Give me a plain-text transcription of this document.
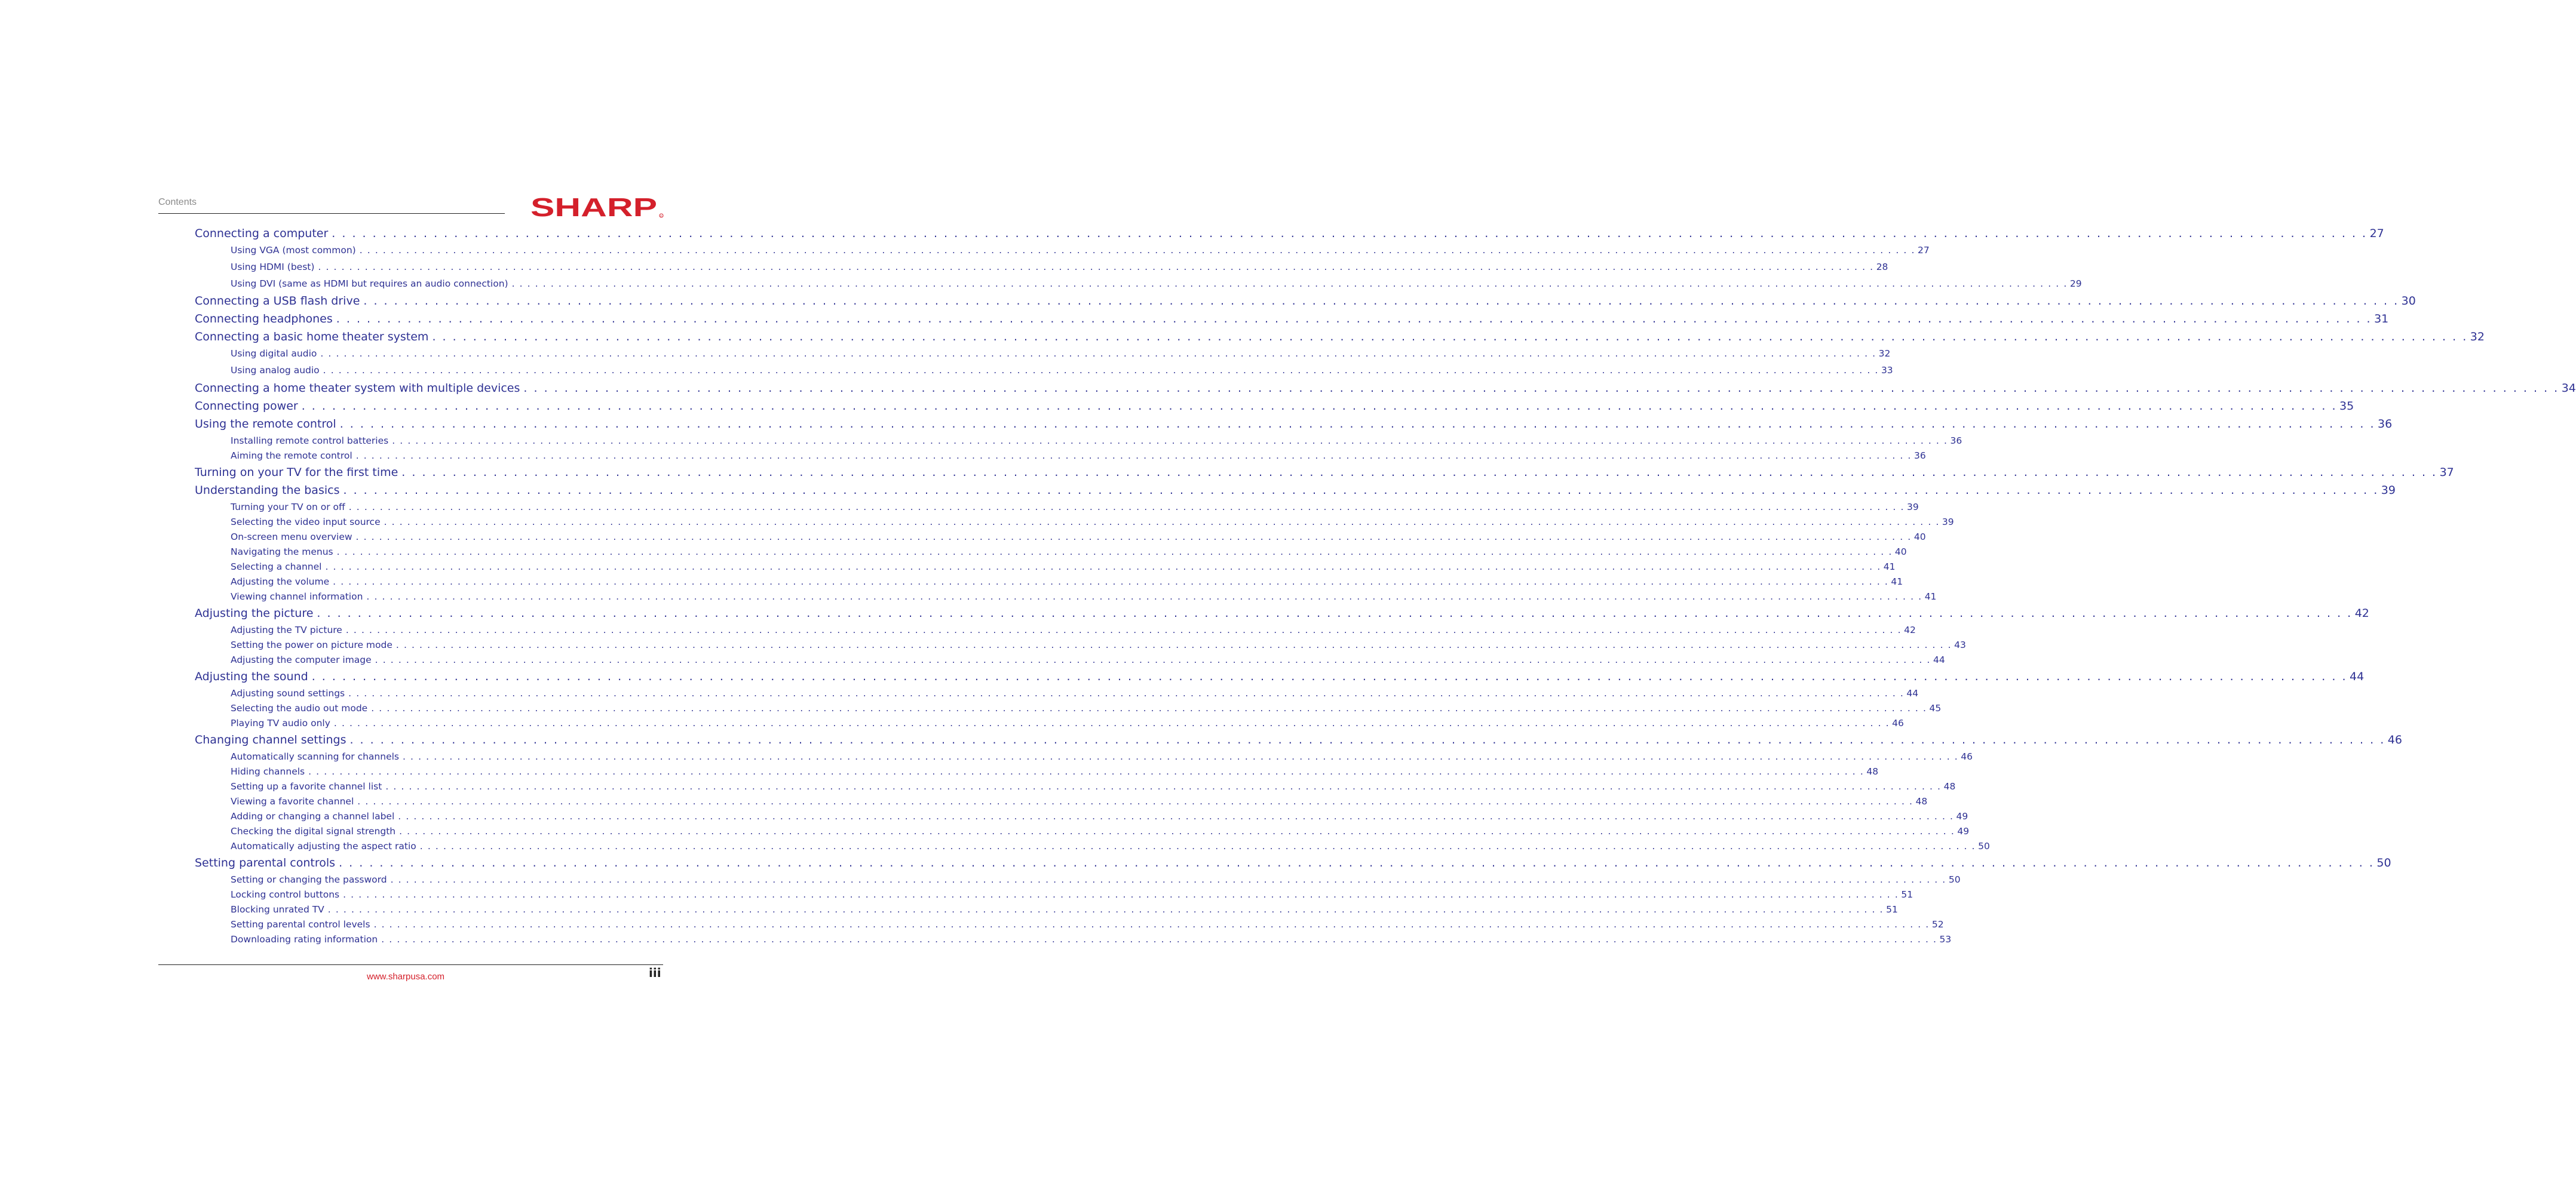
Contents	SHARP R
Connecting a computer . . . . . . . . . . . . . . . . . . . . . . . . . . . . . . . . . . . . . . . . . . . . . . . . . . . . . . . . . . . . . . . . . . . . . . . . . . . . . . . . . . . . . . . . . . . . . . . . . . . . . . . . . . . . . . . . . . . . . . . . . . . . . . . . . . . . . . . . . . . . . . . . . . . . . . . . . . . . . . . . . . . . . . . . . . . . . . . . . . . . . . . . . . . . . . . . . . . . . . . . 27
Using VGA (most common) . . . . . . . . . . . . . . . . . . . . . . . . . . . . . . . . . . . . . . . . . . . . . . . . . . . . . . . . . . . . . . . . . . . . . . . . . . . . . . . . . . . . . . . . . . . . . . . . . . . . . . . . . . . . . . . . . . . . . . . . . . . . . . . . . . . . . . . . . . . . . . . . . . . . . . . . . . . . . . . . . . . . . . . . . . . . . . . . . . . . . . . . . . . . . . . . . . . . . . . . 27
Using HDMI (best) . . . . . . . . . . . . . . . . . . . . . . . . . . . . . . . . . . . . . . . . . . . . . . . . . . . . . . . . . . . . . . . . . . . . . . . . . . . . . . . . . . . . . . . . . . . . . . . . . . . . . . . . . . . . . . . . . . . . . . . . . . . . . . . . . . . . . . . . . . . . . . . . . . . . . . . . . . . . . . . . . . . . . . . . . . . . . . . . . . . . . . . . . . . . . . . . . . . . . . . . 28
Using DVI (same as HDMI but requires an audio connection) . . . . . . . . . . . . . . . . . . . . . . . . . . . . . . . . . . . . . . . . . . . . . . . . . . . . . . . . . . . . . . . . . . . . . . . . . . . . . . . . . . . . . . . . . . . . . . . . . . . . . . . . . . . . . . . . . . . . . . . . . . . . . . . . . . . . . . . . . . . . . . . . . . . . . . . . . . . . . . . . . . . . . . . . . . . . . . . . . . . . . . . . . . . . . . . . . . . . . . . . 29
Connecting a USB flash drive . . . . . . . . . . . . . . . . . . . . . . . . . . . . . . . . . . . . . . . . . . . . . . . . . . . . . . . . . . . . . . . . . . . . . . . . . . . . . . . . . . . . . . . . . . . . . . . . . . . . . . . . . . . . . . . . . . . . . . . . . . . . . . . . . . . . . . . . . . . . . . . . . . . . . . . . . . . . . . . . . . . . . . . . . . . . . . . . . . . . . . . . . . . . . . . . . . . . . . . . 30
Connecting headphones . . . . . . . . . . . . . . . . . . . . . . . . . . . . . . . . . . . . . . . . . . . . . . . . . . . . . . . . . . . . . . . . . . . . . . . . . . . . . . . . . . . . . . . . . . . . . . . . . . . . . . . . . . . . . . . . . . . . . . . . . . . . . . . . . . . . . . . . . . . . . . . . . . . . . . . . . . . . . . . . . . . . . . . . . . . . . . . . . . . . . . . . . . . . . . . . . . . . . . . . 31
Connecting a basic home theater system . . . . . . . . . . . . . . . . . . . . . . . . . . . . . . . . . . . . . . . . . . . . . . . . . . . . . . . . . . . . . . . . . . . . . . . . . . . . . . . . . . . . . . . . . . . . . . . . . . . . . . . . . . . . . . . . . . . . . . . . . . . . . . . . . . . . . . . . . . . . . . . . . . . . . . . . . . . . . . . . . . . . . . . . . . . . . . . . . . . . . . . . . . . . . . . . . . . . . . . . 32
Using digital audio . . . . . . . . . . . . . . . . . . . . . . . . . . . . . . . . . . . . . . . . . . . . . . . . . . . . . . . . . . . . . . . . . . . . . . . . . . . . . . . . . . . . . . . . . . . . . . . . . . . . . . . . . . . . . . . . . . . . . . . . . . . . . . . . . . . . . . . . . . . . . . . . . . . . . . . . . . . . . . . . . . . . . . . . . . . . . . . . . . . . . . . . . . . . . . . . . . . . . . . . 32
Using analog audio . . . . . . . . . . . . . . . . . . . . . . . . . . . . . . . . . . . . . . . . . . . . . . . . . . . . . . . . . . . . . . . . . . . . . . . . . . . . . . . . . . . . . . . . . . . . . . . . . . . . . . . . . . . . . . . . . . . . . . . . . . . . . . . . . . . . . . . . . . . . . . . . . . . . . . . . . . . . . . . . . . . . . . . . . . . . . . . . . . . . . . . . . . . . . . . . . . . . . . . . 33
Connecting a home theater system with multiple devices . . . . . . . . . . . . . . . . . . . . . . . . . . . . . . . . . . . . . . . . . . . . . . . . . . . . . . . . . . . . . . . . . . . . . . . . . . . . . . . . . . . . . . . . . . . . . . . . . . . . . . . . . . . . . . . . . . . . . . . . . . . . . . . . . . . . . . . . . . . . . . . . . . . . . . . . . . . . . . . . . . . . . . . . . . . . . . . . . . . . . . . . . . . . . . . . . . . . . . . . 34
Connecting power . . . . . . . . . . . . . . . . . . . . . . . . . . . . . . . . . . . . . . . . . . . . . . . . . . . . . . . . . . . . . . . . . . . . . . . . . . . . . . . . . . . . . . . . . . . . . . . . . . . . . . . . . . . . . . . . . . . . . . . . . . . . . . . . . . . . . . . . . . . . . . . . . . . . . . . . . . . . . . . . . . . . . . . . . . . . . . . . . . . . . . . . . . . . . . . . . . . . . . . . 35
Using the remote control . . . . . . . . . . . . . . . . . . . . . . . . . . . . . . . . . . . . . . . . . . . . . . . . . . . . . . . . . . . . . . . . . . . . . . . . . . . . . . . . . . . . . . . . . . . . . . . . . . . . . . . . . . . . . . . . . . . . . . . . . . . . . . . . . . . . . . . . . . . . . . . . . . . . . . . . . . . . . . . . . . . . . . . . . . . . . . . . . . . . . . . . . . . . . . . . . . . . . . . . 36
Installing remote control batteries . . . . . . . . . . . . . . . . . . . . . . . . . . . . . . . . . . . . . . . . . . . . . . . . . . . . . . . . . . . . . . . . . . . . . . . . . . . . . . . . . . . . . . . . . . . . . . . . . . . . . . . . . . . . . . . . . . . . . . . . . . . . . . . . . . . . . . . . . . . . . . . . . . . . . . . . . . . . . . . . . . . . . . . . . . . . . . . . . . . . . . . . . . . . . . . . . . . . . . . . 36
Aiming the remote control . . . . . . . . . . . . . . . . . . . . . . . . . . . . . . . . . . . . . . . . . . . . . . . . . . . . . . . . . . . . . . . . . . . . . . . . . . . . . . . . . . . . . . . . . . . . . . . . . . . . . . . . . . . . . . . . . . . . . . . . . . . . . . . . . . . . . . . . . . . . . . . . . . . . . . . . . . . . . . . . . . . . . . . . . . . . . . . . . . . . . . . . . . . . . . . . . . . . . . . . 36
Turning on your TV for the first time . . . . . . . . . . . . . . . . . . . . . . . . . . . . . . . . . . . . . . . . . . . . . . . . . . . . . . . . . . . . . . . . . . . . . . . . . . . . . . . . . . . . . . . . . . . . . . . . . . . . . . . . . . . . . . . . . . . . . . . . . . . . . . . . . . . . . . . . . . . . . . . . . . . . . . . . . . . . . . . . . . . . . . . . . . . . . . . . . . . . . . . . . . . . . . . . . . . . . . . . 37
Understanding the basics . . . . . . . . . . . . . . . . . . . . . . . . . . . . . . . . . . . . . . . . . . . . . . . . . . . . . . . . . . . . . . . . . . . . . . . . . . . . . . . . . . . . . . . . . . . . . . . . . . . . . . . . . . . . . . . . . . . . . . . . . . . . . . . . . . . . . . . . . . . . . . . . . . . . . . . . . . . . . . . . . . . . . . . . . . . . . . . . . . . . . . . . . . . . . . . . . . . . . . . . 39
Turning your TV on or off . . . . . . . . . . . . . . . . . . . . . . . . . . . . . . . . . . . . . . . . . . . . . . . . . . . . . . . . . . . . . . . . . . . . . . . . . . . . . . . . . . . . . . . . . . . . . . . . . . . . . . . . . . . . . . . . . . . . . . . . . . . . . . . . . . . . . . . . . . . . . . . . . . . . . . . . . . . . . . . . . . . . . . . . . . . . . . . . . . . . . . . . . . . . . . . . . . . . . . . . 39
Selecting the video input source . . . . . . . . . . . . . . . . . . . . . . . . . . . . . . . . . . . . . . . . . . . . . . . . . . . . . . . . . . . . . . . . . . . . . . . . . . . . . . . . . . . . . . . . . . . . . . . . . . . . . . . . . . . . . . . . . . . . . . . . . . . . . . . . . . . . . . . . . . . . . . . . . . . . . . . . . . . . . . . . . . . . . . . . . . . . . . . . . . . . . . . . . . . . . . . . . . . . . . . . 39
On-screen menu overview . . . . . . . . . . . . . . . . . . . . . . . . . . . . . . . . . . . . . . . . . . . . . . . . . . . . . . . . . . . . . . . . . . . . . . . . . . . . . . . . . . . . . . . . . . . . . . . . . . . . . . . . . . . . . . . . . . . . . . . . . . . . . . . . . . . . . . . . . . . . . . . . . . . . . . . . . . . . . . . . . . . . . . . . . . . . . . . . . . . . . . . . . . . . . . . . . . . . . . . . 40
Navigating the menus . . . . . . . . . . . . . . . . . . . . . . . . . . . . . . . . . . . . . . . . . . . . . . . . . . . . . . . . . . . . . . . . . . . . . . . . . . . . . . . . . . . . . . . . . . . . . . . . . . . . . . . . . . . . . . . . . . . . . . . . . . . . . . . . . . . . . . . . . . . . . . . . . . . . . . . . . . . . . . . . . . . . . . . . . . . . . . . . . . . . . . . . . . . . . . . . . . . . . . . . 40
Selecting a channel . . . . . . . . . . . . . . . . . . . . . . . . . . . . . . . . . . . . . . . . . . . . . . . . . . . . . . . . . . . . . . . . . . . . . . . . . . . . . . . . . . . . . . . . . . . . . . . . . . . . . . . . . . . . . . . . . . . . . . . . . . . . . . . . . . . . . . . . . . . . . . . . . . . . . . . . . . . . . . . . . . . . . . . . . . . . . . . . . . . . . . . . . . . . . . . . . . . . . . . . 41
Adjusting the volume . . . . . . . . . . . . . . . . . . . . . . . . . . . . . . . . . . . . . . . . . . . . . . . . . . . . . . . . . . . . . . . . . . . . . . . . . . . . . . . . . . . . . . . . . . . . . . . . . . . . . . . . . . . . . . . . . . . . . . . . . . . . . . . . . . . . . . . . . . . . . . . . . . . . . . . . . . . . . . . . . . . . . . . . . . . . . . . . . . . . . . . . . . . . . . . . . . . . . . . . 41
Viewing channel information . . . . . . . . . . . . . . . . . . . . . . . . . . . . . . . . . . . . . . . . . . . . . . . . . . . . . . . . . . . . . . . . . . . . . . . . . . . . . . . . . . . . . . . . . . . . . . . . . . . . . . . . . . . . . . . . . . . . . . . . . . . . . . . . . . . . . . . . . . . . . . . . . . . . . . . . . . . . . . . . . . . . . . . . . . . . . . . . . . . . . . . . . . . . . . . . . . . . . . . . 41
Adjusting the picture . . . . . . . . . . . . . . . . . . . . . . . . . . . . . . . . . . . . . . . . . . . . . . . . . . . . . . . . . . . . . . . . . . . . . . . . . . . . . . . . . . . . . . . . . . . . . . . . . . . . . . . . . . . . . . . . . . . . . . . . . . . . . . . . . . . . . . . . . . . . . . . . . . . . . . . . . . . . . . . . . . . . . . . . . . . . . . . . . . . . . . . . . . . . . . . . . . . . . . . . 42
Adjusting the TV picture . . . . . . . . . . . . . . . . . . . . . . . . . . . . . . . . . . . . . . . . . . . . . . . . . . . . . . . . . . . . . . . . . . . . . . . . . . . . . . . . . . . . . . . . . . . . . . . . . . . . . . . . . . . . . . . . . . . . . . . . . . . . . . . . . . . . . . . . . . . . . . . . . . . . . . . . . . . . . . . . . . . . . . . . . . . . . . . . . . . . . . . . . . . . . . . . . . . . . . . . 42
Setting the power on picture mode . . . . . . . . . . . . . . . . . . . . . . . . . . . . . . . . . . . . . . . . . . . . . . . . . . . . . . . . . . . . . . . . . . . . . . . . . . . . . . . . . . . . . . . . . . . . . . . . . . . . . . . . . . . . . . . . . . . . . . . . . . . . . . . . . . . . . . . . . . . . . . . . . . . . . . . . . . . . . . . . . . . . . . . . . . . . . . . . . . . . . . . . . . . . . . . . . . . . . . . . 43
Adjusting the computer image . . . . . . . . . . . . . . . . . . . . . . . . . . . . . . . . . . . . . . . . . . . . . . . . . . . . . . . . . . . . . . . . . . . . . . . . . . . . . . . . . . . . . . . . . . . . . . . . . . . . . . . . . . . . . . . . . . . . . . . . . . . . . . . . . . . . . . . . . . . . . . . . . . . . . . . . . . . . . . . . . . . . . . . . . . . . . . . . . . . . . . . . . . . . . . . . . . . . . . . . 44
Adjusting the sound . . . . . . . . . . . . . . . . . . . . . . . . . . . . . . . . . . . . . . . . . . . . . . . . . . . . . . . . . . . . . . . . . . . . . . . . . . . . . . . . . . . . . . . . . . . . . . . . . . . . . . . . . . . . . . . . . . . . . . . . . . . . . . . . . . . . . . . . . . . . . . . . . . . . . . . . . . . . . . . . . . . . . . . . . . . . . . . . . . . . . . . . . . . . . . . . . . . . . . . . 44
Adjusting sound settings . . . . . . . . . . . . . . . . . . . . . . . . . . . . . . . . . . . . . . . . . . . . . . . . . . . . . . . . . . . . . . . . . . . . . . . . . . . . . . . . . . . . . . . . . . . . . . . . . . . . . . . . . . . . . . . . . . . . . . . . . . . . . . . . . . . . . . . . . . . . . . . . . . . . . . . . . . . . . . . . . . . . . . . . . . . . . . . . . . . . . . . . . . . . . . . . . . . . . . . . 44
Selecting the audio out mode . . . . . . . . . . . . . . . . . . . . . . . . . . . . . . . . . . . . . . . . . . . . . . . . . . . . . . . . . . . . . . . . . . . . . . . . . . . . . . . . . . . . . . . . . . . . . . . . . . . . . . . . . . . . . . . . . . . . . . . . . . . . . . . . . . . . . . . . . . . . . . . . . . . . . . . . . . . . . . . . . . . . . . . . . . . . . . . . . . . . . . . . . . . . . . . . . . . . . . . . 45
Playing TV audio only . . . . . . . . . . . . . . . . . . . . . . . . . . . . . . . . . . . . . . . . . . . . . . . . . . . . . . . . . . . . . . . . . . . . . . . . . . . . . . . . . . . . . . . . . . . . . . . . . . . . . . . . . . . . . . . . . . . . . . . . . . . . . . . . . . . . . . . . . . . . . . . . . . . . . . . . . . . . . . . . . . . . . . . . . . . . . . . . . . . . . . . . . . . . . . . . . . . . . . . . 46
Changing channel settings . . . . . . . . . . . . . . . . . . . . . . . . . . . . . . . . . . . . . . . . . . . . . . . . . . . . . . . . . . . . . . . . . . . . . . . . . . . . . . . . . . . . . . . . . . . . . . . . . . . . . . . . . . . . . . . . . . . . . . . . . . . . . . . . . . . . . . . . . . . . . . . . . . . . . . . . . . . . . . . . . . . . . . . . . . . . . . . . . . . . . . . . . . . . . . . . . . . . . . . . 46
Automatically scanning for channels . . . . . . . . . . . . . . . . . . . . . . . . . . . . . . . . . . . . . . . . . . . . . . . . . . . . . . . . . . . . . . . . . . . . . . . . . . . . . . . . . . . . . . . . . . . . . . . . . . . . . . . . . . . . . . . . . . . . . . . . . . . . . . . . . . . . . . . . . . . . . . . . . . . . . . . . . . . . . . . . . . . . . . . . . . . . . . . . . . . . . . . . . . . . . . . . . . . . . . . . 46
Hiding channels . . . . . . . . . . . . . . . . . . . . . . . . . . . . . . . . . . . . . . . . . . . . . . . . . . . . . . . . . . . . . . . . . . . . . . . . . . . . . . . . . . . . . . . . . . . . . . . . . . . . . . . . . . . . . . . . . . . . . . . . . . . . . . . . . . . . . . . . . . . . . . . . . . . . . . . . . . . . . . . . . . . . . . . . . . . . . . . . . . . . . . . . . . . . . . . . . . . . . . . . 48
Setting up a favorite channel list . . . . . . . . . . . . . . . . . . . . . . . . . . . . . . . . . . . . . . . . . . . . . . . . . . . . . . . . . . . . . . . . . . . . . . . . . . . . . . . . . . . . . . . . . . . . . . . . . . . . . . . . . . . . . . . . . . . . . . . . . . . . . . . . . . . . . . . . . . . . . . . . . . . . . . . . . . . . . . . . . . . . . . . . . . . . . . . . . . . . . . . . . . . . . . . . . . . . . . . . 48
Viewing a favorite channel . . . . . . . . . . . . . . . . . . . . . . . . . . . . . . . . . . . . . . . . . . . . . . . . . . . . . . . . . . . . . . . . . . . . . . . . . . . . . . . . . . . . . . . . . . . . . . . . . . . . . . . . . . . . . . . . . . . . . . . . . . . . . . . . . . . . . . . . . . . . . . . . . . . . . . . . . . . . . . . . . . . . . . . . . . . . . . . . . . . . . . . . . . . . . . . . . . . . . . . . 48
Adding or changing a channel label . . . . . . . . . . . . . . . . . . . . . . . . . . . . . . . . . . . . . . . . . . . . . . . . . . . . . . . . . . . . . . . . . . . . . . . . . . . . . . . . . . . . . . . . . . . . . . . . . . . . . . . . . . . . . . . . . . . . . . . . . . . . . . . . . . . . . . . . . . . . . . . . . . . . . . . . . . . . . . . . . . . . . . . . . . . . . . . . . . . . . . . . . . . . . . . . . . . . . . . . 49
Checking the digital signal strength . . . . . . . . . . . . . . . . . . . . . . . . . . . . . . . . . . . . . . . . . . . . . . . . . . . . . . . . . . . . . . . . . . . . . . . . . . . . . . . . . . . . . . . . . . . . . . . . . . . . . . . . . . . . . . . . . . . . . . . . . . . . . . . . . . . . . . . . . . . . . . . . . . . . . . . . . . . . . . . . . . . . . . . . . . . . . . . . . . . . . . . . . . . . . . . . . . . . . . . . 49
Automatically adjusting the aspect ratio . . . . . . . . . . . . . . . . . . . . . . . . . . . . . . . . . . . . . . . . . . . . . . . . . . . . . . . . . . . . . . . . . . . . . . . . . . . . . . . . . . . . . . . . . . . . . . . . . . . . . . . . . . . . . . . . . . . . . . . . . . . . . . . . . . . . . . . . . . . . . . . . . . . . . . . . . . . . . . . . . . . . . . . . . . . . . . . . . . . . . . . . . . . . . . . . . . . . . . . . 50
Setting parental controls . . . . . . . . . . . . . . . . . . . . . . . . . . . . . . . . . . . . . . . . . . . . . . . . . . . . . . . . . . . . . . . . . . . . . . . . . . . . . . . . . . . . . . . . . . . . . . . . . . . . . . . . . . . . . . . . . . . . . . . . . . . . . . . . . . . . . . . . . . . . . . . . . . . . . . . . . . . . . . . . . . . . . . . . . . . . . . . . . . . . . . . . . . . . . . . . . . . . . . . . 50
Setting or changing the password . . . . . . . . . . . . . . . . . . . . . . . . . . . . . . . . . . . . . . . . . . . . . . . . . . . . . . . . . . . . . . . . . . . . . . . . . . . . . . . . . . . . . . . . . . . . . . . . . . . . . . . . . . . . . . . . . . . . . . . . . . . . . . . . . . . . . . . . . . . . . . . . . . . . . . . . . . . . . . . . . . . . . . . . . . . . . . . . . . . . . . . . . . . . . . . . . . . . . . . . 50
Locking control buttons . . . . . . . . . . . . . . . . . . . . . . . . . . . . . . . . . . . . . . . . . . . . . . . . . . . . . . . . . . . . . . . . . . . . . . . . . . . . . . . . . . . . . . . . . . . . . . . . . . . . . . . . . . . . . . . . . . . . . . . . . . . . . . . . . . . . . . . . . . . . . . . . . . . . . . . . . . . . . . . . . . . . . . . . . . . . . . . . . . . . . . . . . . . . . . . . . . . . . . . . 51
Blocking unrated TV . . . . . . . . . . . . . . . . . . . . . . . . . . . . . . . . . . . . . . . . . . . . . . . . . . . . . . . . . . . . . . . . . . . . . . . . . . . . . . . . . . . . . . . . . . . . . . . . . . . . . . . . . . . . . . . . . . . . . . . . . . . . . . . . . . . . . . . . . . . . . . . . . . . . . . . . . . . . . . . . . . . . . . . . . . . . . . . . . . . . . . . . . . . . . . . . . . . . . . . . 51
Setting parental control levels . . . . . . . . . . . . . . . . . . . . . . . . . . . . . . . . . . . . . . . . . . . . . . . . . . . . . . . . . . . . . . . . . . . . . . . . . . . . . . . . . . . . . . . . . . . . . . . . . . . . . . . . . . . . . . . . . . . . . . . . . . . . . . . . . . . . . . . . . . . . . . . . . . . . . . . . . . . . . . . . . . . . . . . . . . . . . . . . . . . . . . . . . . . . . . . . . . . . . . . . 52
Downloading rating information . . . . . . . . . . . . . . . . . . . . . . . . . . . . . . . . . . . . . . . . . . . . . . . . . . . . . . . . . . . . . . . . . . . . . . . . . . . . . . . . . . . . . . . . . . . . . . . . . . . . . . . . . . . . . . . . . . . . . . . . . . . . . . . . . . . . . . . . . . . . . . . . . . . . . . . . . . . . . . . . . . . . . . . . . . . . . . . . . . . . . . . . . . . . . . . . . . . . . . . . 53
www.sharpusa.com	iii
